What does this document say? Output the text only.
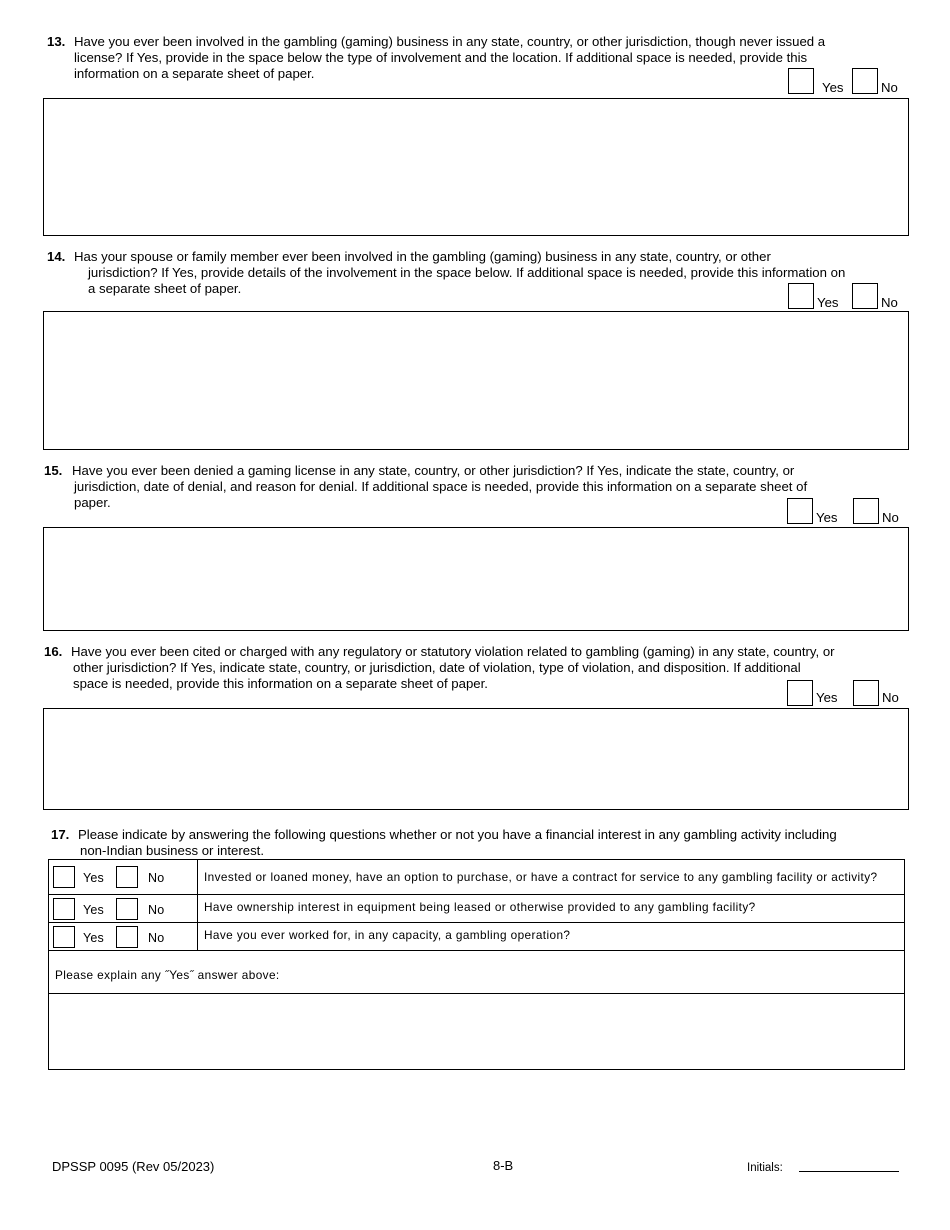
13. Have you ever been involved in the gambling (gaming) business in any state, country, or other jurisdiction, though never issued a
license? If Yes, provide in the space below the type of involvement and the location. If additional space is needed, provide this
information on a separate sheet of paper.
Yes	No
14. Has your spouse or family member ever been involved in the gambling (gaming) business in any state, country, or other
jurisdiction? If Yes, provide details of the involvement in the space below. If additional space is needed, provide this information on
a separate sheet of paper.
Yes	No
15. Have you ever been denied a gaming license in any state, country, or other jurisdiction? If Yes, indicate the state, country, or
jurisdiction, date of denial, and reason for denial. If additional space is needed, provide this information on a separate sheet of
paper.
Yes	No
16. Have you ever been cited or charged with any regulatory or statutory violation related to gambling (gaming) in any state, country, or
other jurisdiction? If Yes, indicate state, country, or jurisdiction, date of violation, type of violation, and disposition. If additional
space is needed, provide this information on a separate sheet of paper.
Yes	No
17. Please indicate by answering the following questions whether or not you have a financial interest in any gambling activity including
non-Indian business or interest.
Yes No	Invested or loaned money, have an option to purchase, or have a contract for service to any gambling facility or activity?

Yes No	Have ownership interest in equipment being leased or otherwise provided to any gambling facility?

Yes No	Have you ever worked for, in any capacity, a gambling operation?
Please explain any ˝Yes˝ answer above:	

DPSSP 0095 (Rev 05/2023)	8-B	Initials:
